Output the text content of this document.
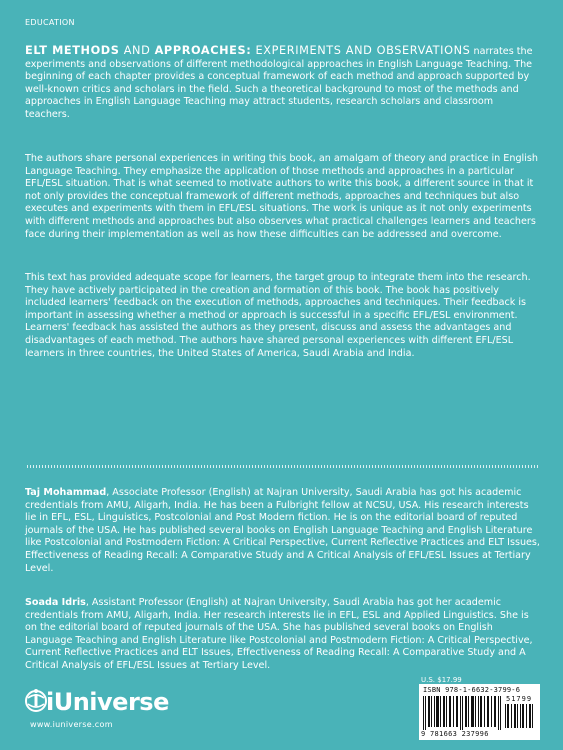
EDUCATION
ELT METHODS AND APPROACHES: EXPERIMENTS AND OBSERVATIONS narrates the experiments and observations of different methodological approaches in English Language Teaching. The beginning of each chapter provides a conceptual framework of each method and approach supported by well-known critics and scholars in the field. Such a theoretical background to most of the methods and approaches in English Language Teaching may attract students, research scholars and classroom teachers.
The authors share personal experiences in writing this book, an amalgam of theory and practice in English Language Teaching. They emphasize the application of those methods and approaches in a particular EFL/ESL situation. That is what seemed to motivate authors to write this book, a different source in that it not only provides the conceptual framework of different methods, approaches and techniques but also executes and experiments with them in EFL/ESL situations. The work is unique as it not only experiments with different methods and approaches but also observes what practical challenges learners and teachers face during their implementation as well as how these difficulties can be addressed and overcome.
This text has provided adequate scope for learners, the target group to integrate them into the research. They have actively participated in the creation and formation of this book. The book has positively included learners' feedback on the execution of methods, approaches and techniques. Their feedback is important in assessing whether a method or approach is successful in a specific EFL/ESL environment. Learners' feedback has assisted the authors as they present, discuss and assess the advantages and disadvantages of each method. The authors have shared personal experiences with different EFL/ESL learners in three countries, the United States of America, Saudi Arabia and India.
Taj Mohammad, Associate Professor (English) at Najran University, Saudi Arabia has got his academic credentials from AMU, Aligarh, India. He has been a Fulbright fellow at NCSU, USA. His research interests lie in EFL, ESL, Linguistics, Postcolonial and Post Modern fiction. He is on the editorial board of reputed journals of the USA. He has published several books on English Language Teaching and English Literature like Postcolonial and Postmodern Fiction: A Critical Perspective, Current Reflective Practices and ELT Issues, Effectiveness of Reading Recall: A Comparative Study and A Critical Analysis of EFL/ESL Issues at Tertiary Level.
Soada Idris, Assistant Professor (English) at Najran University, Saudi Arabia has got her academic credentials from AMU, Aligarh, India. Her research interests lie in EFL, ESL and Applied Linguistics. She is on the editorial board of reputed journals of the USA. She has published several books on English Language Teaching and English Literature like Postcolonial and Postmodern Fiction: A Critical Perspective, Current Reflective Practices and ELT Issues, Effectiveness of Reading Recall: A Comparative Study and A Critical Analysis of EFL/ESL Issues at Tertiary Level.
U.S. $17.99
ISBN 978-1-6632-3799-6
51799
9 781663 237996
iUniverse
www.iuniverse.com
